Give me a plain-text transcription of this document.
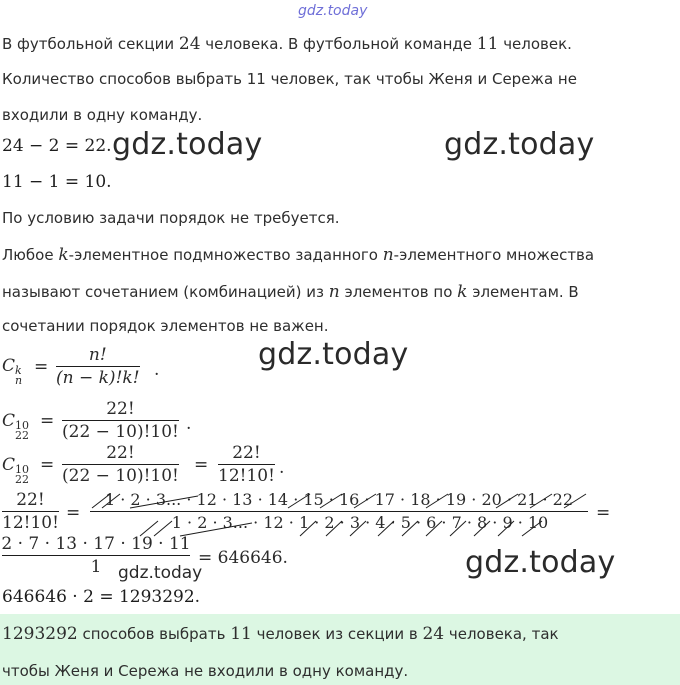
gdz.today
В футбольной секции 24 человека. В футбольной команде 11 человек.
Количество способов выбрать 11 человек, так чтобы Женя и Сережа не
входили в одну команду.
24 − 2 = 22. gdz.today	gdz.today
11 − 1 = 10.
По условию задачи порядок не требуется.
Любое k-элементное подмножество заданного n-элементного множества
называют сочетанием (комбинацией) из n элементов по k элементам. В
сочетании порядок элементов не важен.
C k
n
=
n!
(n − k)!k! .	gdz.today
C 10
22
=
22!
(22 − 10)!10! .
C 10
22
=
22!
(22 − 10)!10!
=
22!
12!10! .
22!
12!10! =
1 · 2 · 3... · 12 · 13 · 14 · 15 · 16 · 17 · 18 · 19 · 20 · 21 · 22
1 · 2 · 3... · 12 · 1 · 2 · 3 · 4 · 5 · 6 · 7 · 8 · 9 · 10	=
2 · 7 · 13 · 17 · 19 · 11
1	= 646646.
gdz.today	gdz.today
646646 · 2 = 1293292.
1293292 способов выбрать 11 человек из секции в 24 человека, так
чтобы Женя и Сережа не входили в одну команду.
